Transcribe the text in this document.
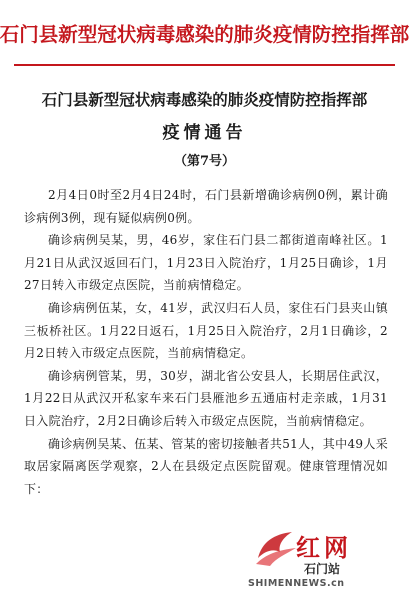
石门县新型冠状病毒感染的肺炎疫情防控指挥部
石门县新型冠状病毒感染的肺炎疫情防控指挥部
疫情通告
（第7号）

2月4日0时至2月4日24时，石门县新增确诊病例0例，累计确诊病例3例，现有疑似病例0例。

确诊病例吴某，男，46岁，家住石门县二都街道南峰社区。1月21日从武汉返回石门，1月23日入院治疗，1月25日确诊，1月27日转入市级定点医院，当前病情稳定。

确诊病例伍某，女，41岁，武汉归石人员，家住石门县夹山镇三板桥社区。1月22日返石，1月25日入院治疗，2月1日确诊，2月2日转入市级定点医院，当前病情稳定。

确诊病例管某，男，30岁，湖北省公安县人，长期居住武汉，1月22日从武汉开私家车来石门县雁池乡五通庙村走亲戚，1月31日入院治疗，2月2日确诊后转入市级定点医院，当前病情稳定。

确诊病例吴某、伍某、管某的密切接触者共51人，其中49人采取居家隔离医学观察，2人在县级定点医院留观。健康管理情况如下：

红网
石门站
SHIMENNEWS.cn
